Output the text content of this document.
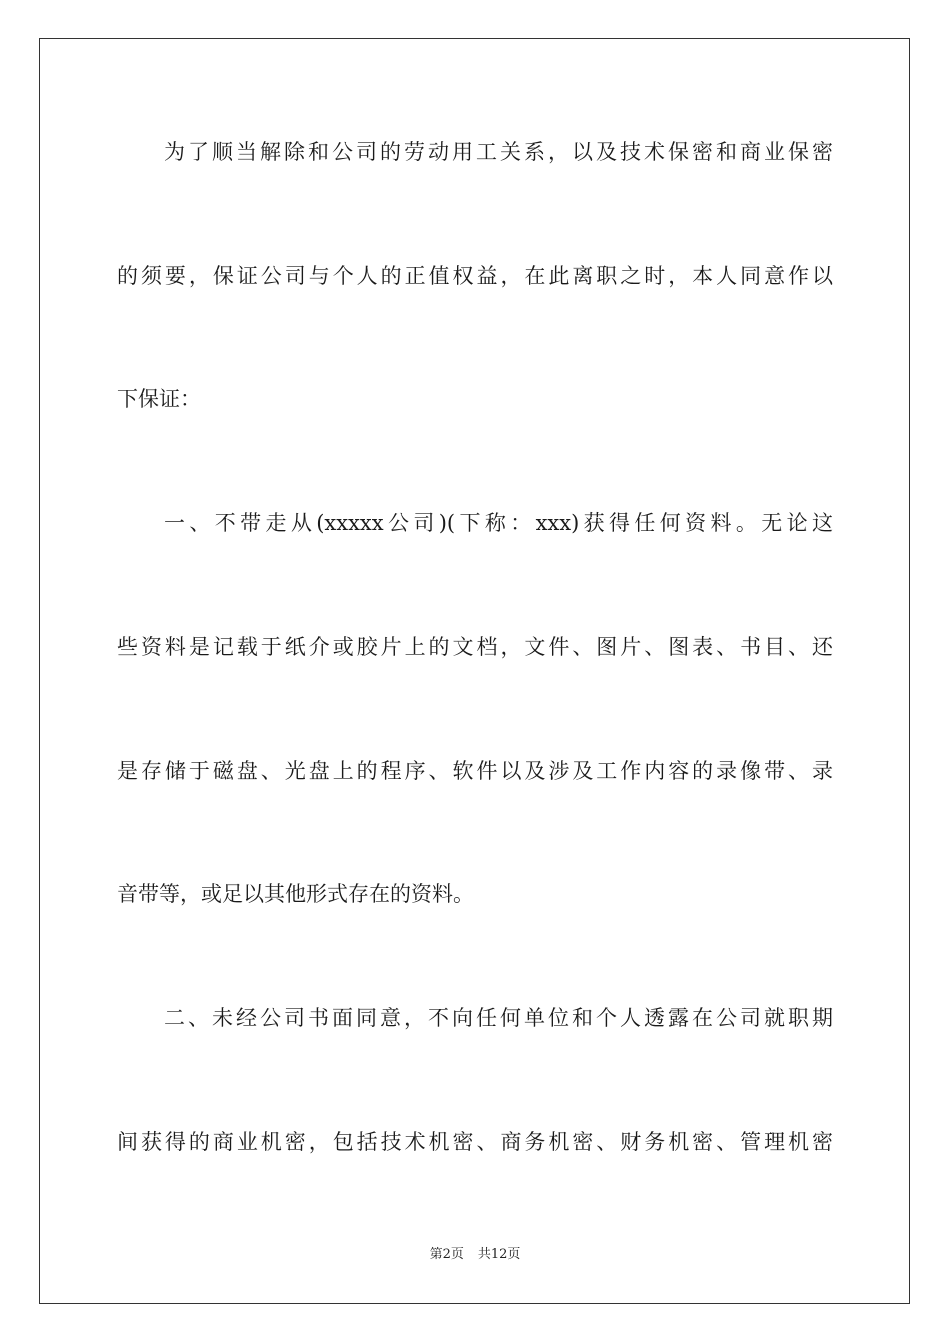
为了顺当解除和公司的劳动用工关系，以及技术保密和商业保密
的须要，保证公司与个人的正值权益，在此离职之时，本人同意作以
下保证：
一、不带走从(xxxxx公司)(下称：xxx)获得任何资料。无论这
些资料是记载于纸介或胶片上的文档，文件、图片、图表、书目、还
是存储于磁盘、光盘上的程序、软件以及涉及工作内容的录像带、录
音带等，或足以其他形式存在的资料。
二、未经公司书面同意，不向任何单位和个人透露在公司就职期
间获得的商业机密，包括技术机密、商务机密、财务机密、管理机密
第2页 共12页
